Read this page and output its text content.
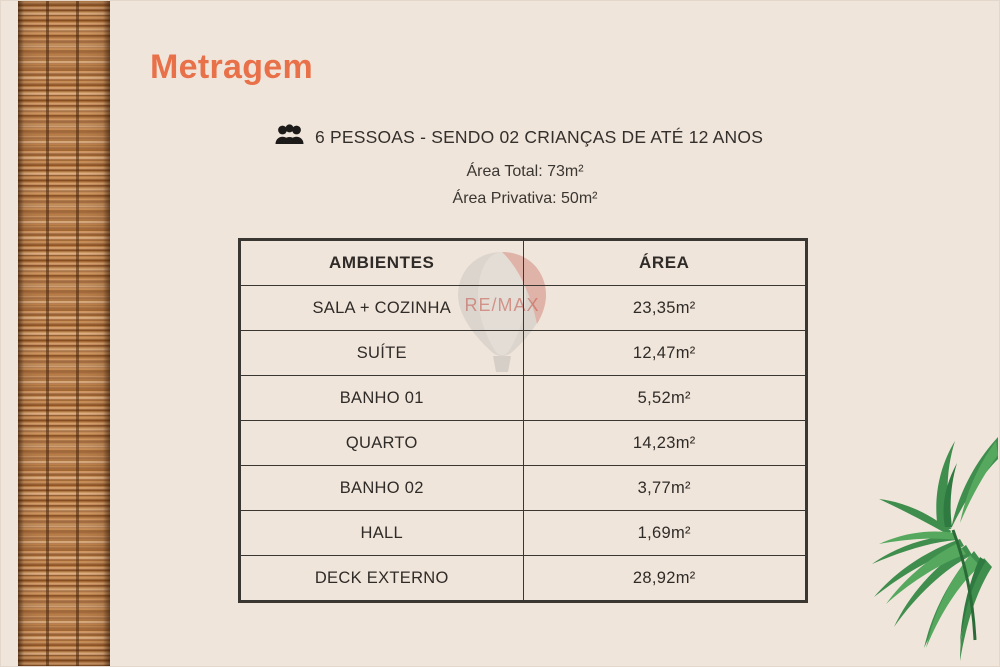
Metragem
6 PESSOAS - SENDO 02 CRIANÇAS DE ATÉ 12 ANOS
Área Total: 73m²
Área Privativa: 50m²
RE/MAX
AMBIENTES	ÁREA
SALA + COZINHA	23,35m²
SUÍTE	12,47m²
BANHO 01	5,52m²
QUARTO	14,23m²
BANHO 02	3,77m²
HALL	1,69m²
DECK EXTERNO	28,92m²
